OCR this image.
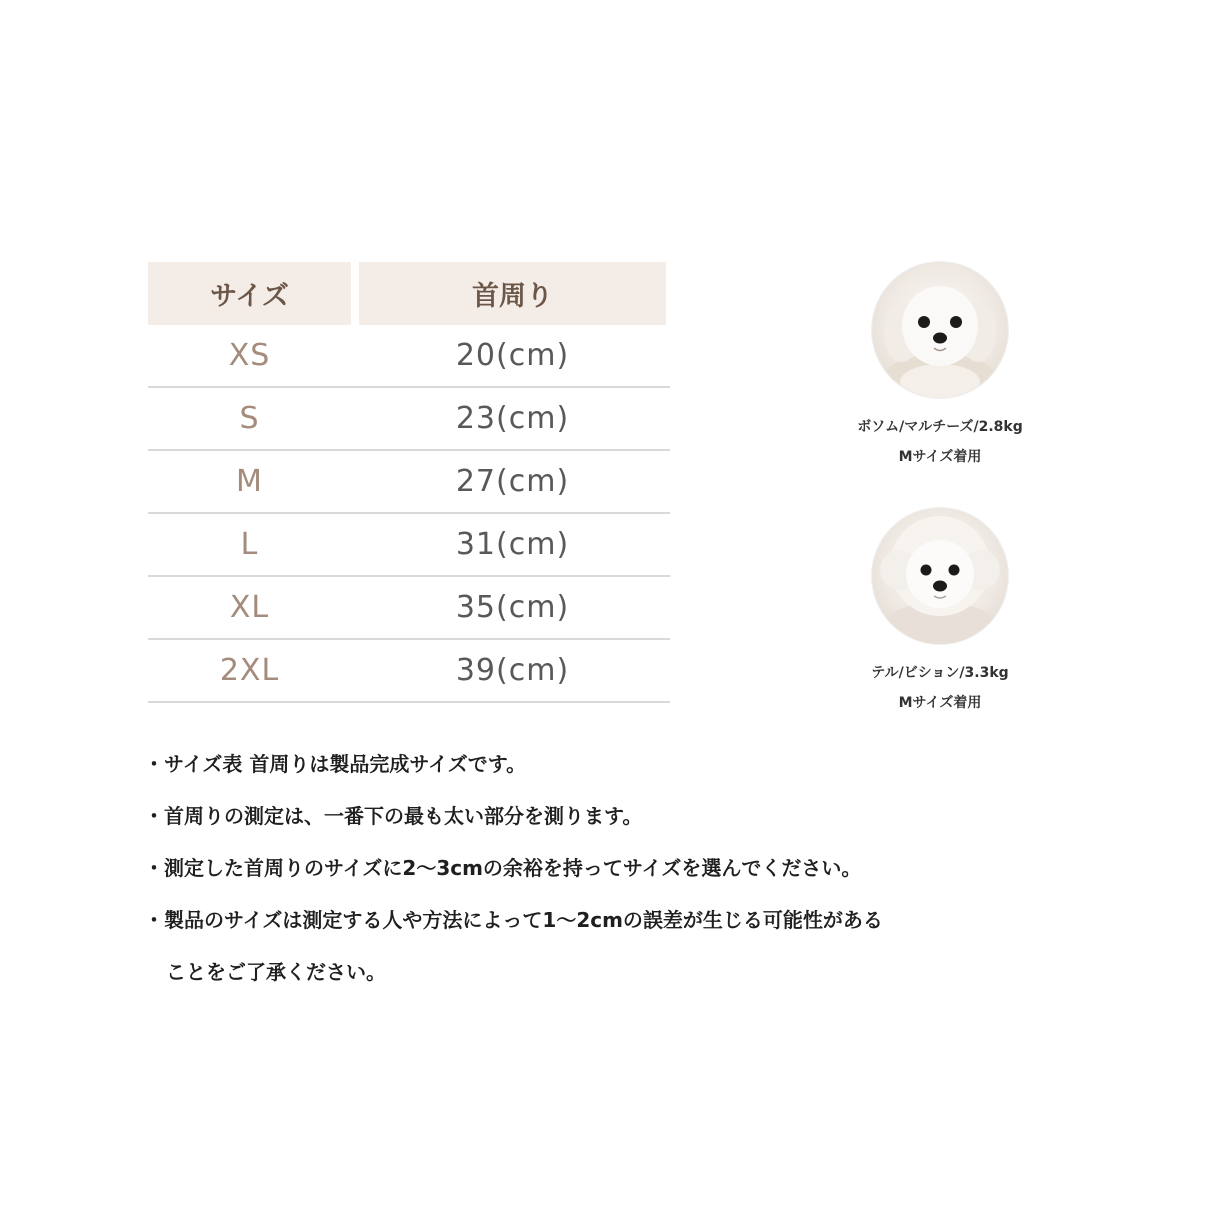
サイズ	首周り
XS	20(cm)
S	23(cm)
M	27(cm)
L	31(cm)
XL	35(cm)
2XL	39(cm)
ボソム/マルチーズ/2.8kg
Mサイズ着用
テル/ビション/3.3kg
Mサイズ着用
・サイズ表 首周りは製品完成サイズです。
・首周りの測定は、一番下の最も太い部分を測ります。
・測定した首周りのサイズに2〜3cmの余裕を持ってサイズを選んでください。
・製品のサイズは測定する人や方法によって1〜2cmの誤差が生じる可能性がある
ことをご了承ください。
